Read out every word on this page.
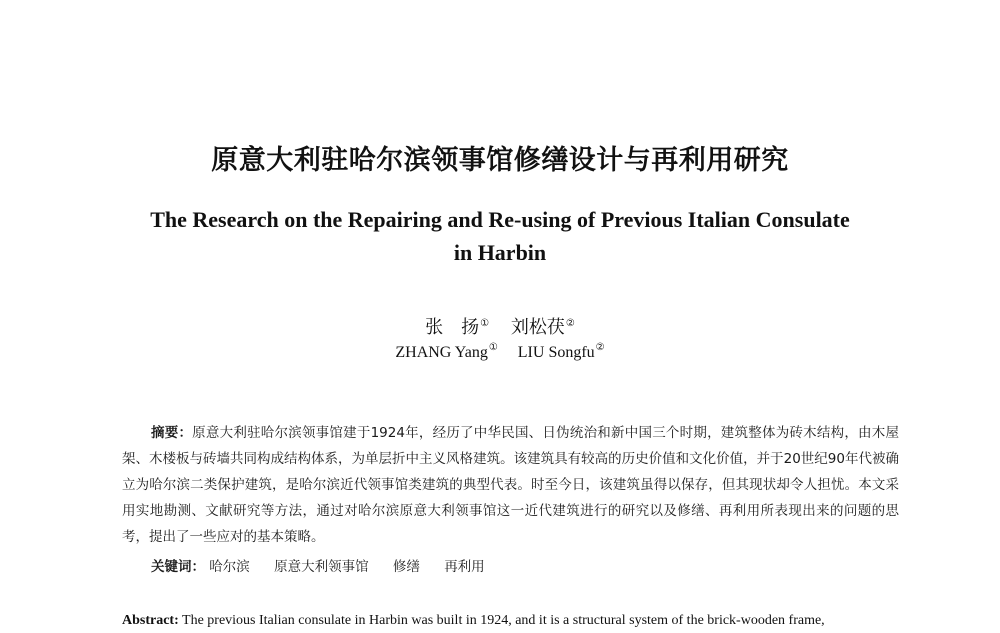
原意大利驻哈尔滨领事馆修缮设计与再利用研究
The Research on the Repairing and Re-using of Previous Italian Consulate in Harbin
张　扬① 刘松茯②
ZHANG Yang① LIU Songfu②
摘要：原意大利驻哈尔滨领事馆建于1924年，经历了中华民国、日伪统治和新中国三个时期，建筑整体为砖木结构，由木屋架、木楼板与砖墙共同构成结构体系，为单层折中主义风格建筑。该建筑具有较高的历史价值和文化价值，并于20世纪90年代被确立为哈尔滨二类保护建筑，是哈尔滨近代领事馆类建筑的典型代表。时至今日，该建筑虽得以保存，但其现状却令人担忧。本文采用实地勘测、文献研究等方法，通过对哈尔滨原意大利领事馆这一近代建筑进行的研究以及修缮、再利用所表现出来的问题的思考，提出了一些应对的基本策略。
关键词： 哈尔滨 原意大利领事馆 修缮 再利用
Abstract: The previous Italian consulate in Harbin was built in 1924, and it is a structural system of the brick-wooden frame,
